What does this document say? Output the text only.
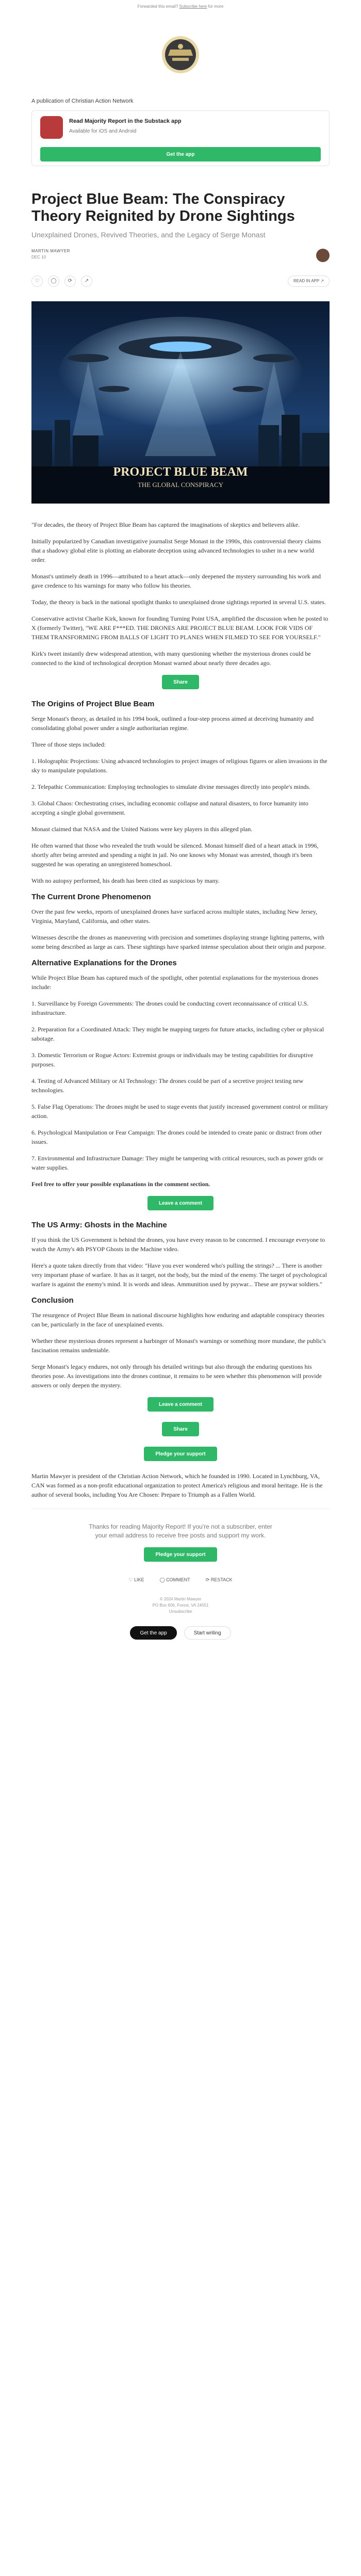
Forwarded this email? Subscribe here for more
A publication of Christian Action Network
Read Majority Report in the Substack app
Available for iOS and Android
Get the app
Project Blue Beam: The Conspiracy Theory Reignited by Drone Sightings
Unexplained Drones, Revived Theories, and the Legacy of Serge Monast
MARTIN MAWYER
DEC 10
♡	◯	⟳	↗	READ IN APP ↗
PROJECT BLUE BEAM
THE GLOBAL CONSPIRACY

"For decades, the theory of Project Blue Beam has captured the imaginations of skeptics and believers alike.

Initially popularized by Canadian investigative journalist Serge Monast in the 1990s, this controversial theory claims that a shadowy global elite is plotting an elaborate deception using advanced technologies to usher in a new world order.

Monast's untimely death in 1996—attributed to a heart attack—only deepened the mystery surrounding his work and gave credence to his warnings for many who follow his theories.

Today, the theory is back in the national spotlight thanks to unexplained drone sightings reported in several U.S. states.

Conservative activist Charlie Kirk, known for founding Turning Point USA, amplified the discussion when he posted to X (formerly Twitter), "WE ARE F***ED. THE DRONES ARE PROJECT BLUE BEAM. LOOK FOR VIDS OF THEM TRANSFORMING FROM BALLS OF LIGHT TO PLANES WHEN FILMED TO SEE FOR YOURSELF."

Kirk's tweet instantly drew widespread attention, with many questioning whether the mysterious drones could be connected to the kind of technological deception Monast warned about nearly three decades ago.

Share
The Origins of Project Blue Beam

Serge Monast's theory, as detailed in his 1994 book, outlined a four-step process aimed at deceiving humanity and consolidating global power under a single authoritarian regime.

Three of those steps included:

1. Holographic Projections: Using advanced technologies to project images of religious figures or alien invasions in the sky to manipulate populations.

2. Telepathic Communication: Employing technologies to simulate divine messages directly into people's minds.

3. Global Chaos: Orchestrating crises, including economic collapse and natural disasters, to force humanity into accepting a single global government.

Monast claimed that NASA and the United Nations were key players in this alleged plan.

He often warned that those who revealed the truth would be silenced. Monast himself died of a heart attack in 1996, shortly after being arrested and spending a night in jail. No one knows why Monast was arrested, though it's been suggested he was operating an unregistered homeschool.

With no autopsy performed, his death has been cited as suspicious by many.

The Current Drone Phenomenon

Over the past few weeks, reports of unexplained drones have surfaced across multiple states, including New Jersey, Virginia, Maryland, California, and other states.

Witnesses describe the drones as maneuvering with precision and sometimes displaying strange lighting patterns, with some being described as large as cars. These sightings have sparked intense speculation about their origin and purpose.

Alternative Explanations for the Drones

While Project Blue Beam has captured much of the spotlight, other potential explanations for the mysterious drones include:

1. Surveillance by Foreign Governments: The drones could be conducting covert reconnaissance of critical U.S. infrastructure.

2. Preparation for a Coordinated Attack: They might be mapping targets for future attacks, including cyber or physical sabotage.

3. Domestic Terrorism or Rogue Actors: Extremist groups or individuals may be testing capabilities for disruptive purposes.

4. Testing of Advanced Military or AI Technology: The drones could be part of a secretive project testing new technologies.

5. False Flag Operations: The drones might be used to stage events that justify increased government control or military action.

6. Psychological Manipulation or Fear Campaign: The drones could be intended to create panic or distract from other issues.

7. Environmental and Infrastructure Damage: They might be tampering with critical resources, such as power grids or water supplies.

Feel free to offer your possible explanations in the comment section.

Leave a comment
The US Army: Ghosts in the Machine

If you think the US Government is behind the drones, you have every reason to be concerned. I encourage everyone to watch the Army's 4th PSYOP Ghosts in the Machine video.

Here's a quote taken directly from that video: "Have you ever wondered who's pulling the strings? ... There is another very important phase of warfare. It has as it target, not the body, but the mind of the enemy. The target of psychological warfare is against the enemy's mind. It is words and ideas. Ammunition used by psywar... These are psywar soldiers."

Conclusion

The resurgence of Project Blue Beam in national discourse highlights how enduring and adaptable conspiracy theories can be, particularly in the face of unexplained events.

Whether these mysterious drones represent a harbinger of Monast's warnings or something more mundane, the public's fascination remains undeniable.

Serge Monast's legacy endures, not only through his detailed writings but also through the enduring questions his theories pose. As investigations into the drones continue, it remains to be seen whether this phenomenon will provide answers or only deepen the mystery.

Leave a comment
Share
Pledge your support

Martin Mawyer is president of the Christian Action Network, which he founded in 1990. Located in Lynchburg, VA, CAN was formed as a non-profit educational organization to protect America's religious and moral heritage. He is the author of several books, including You Are Chosen: Prepare to Triumph as a Fallen World.

Thanks for reading Majority Report! If you're not a subscriber, enter your email address to receive free posts and support my work.

Pledge your support
♡ LIKE	◯ COMMENT	⟳ RESTACK
© 2024 Martin Mawyer
PO Box 606, Forest, VA 24551
Unsubscribe
Get the app	Start writing
